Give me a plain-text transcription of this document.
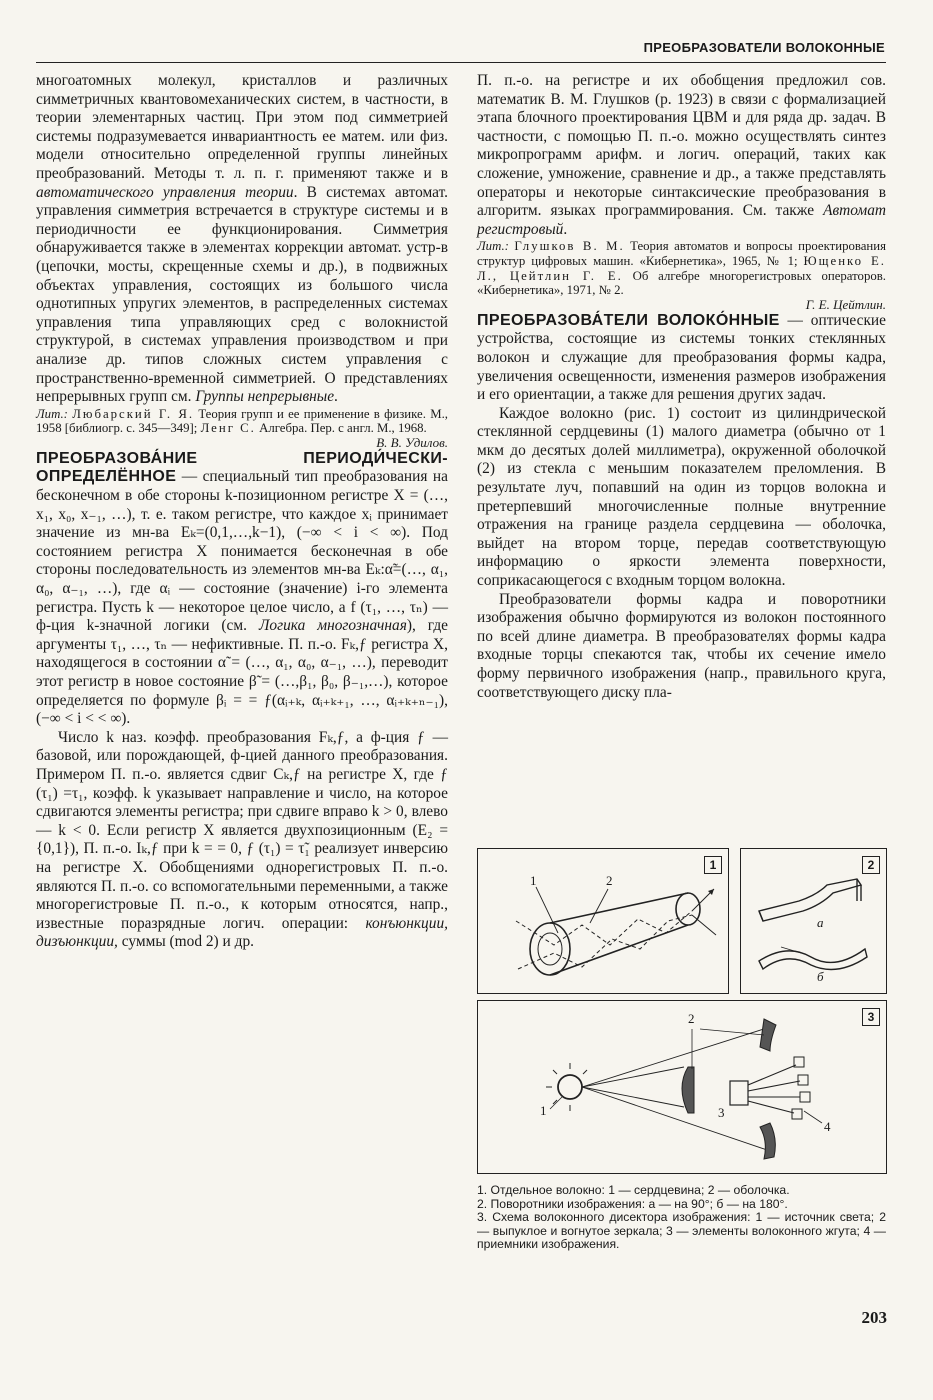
ПРЕОБРАЗОВАТЕЛИ ВОЛОКОННЫЕ

многоатомных молекул, кристаллов и различных симметричных квантовомеханических систем, в частности, в теории элементарных частиц. При этом под симметрией системы подразумевается инвариантность ее матем. или физ. модели относительно определенной группы линейных преобразований. Методы т. л. п. г. применяют также и в автоматического управления теории. В системах автомат. управления симметрия встречается в структуре системы и в периодичности ее функционирования. Симметрия обнаруживается также в элементах коррекции автомат. устр-в (цепочки, мосты, скрещенные схемы и др.), в подвижных объектах управления, состоящих из большого числа однотипных упругих элементов, в распределенных системах управления типа управляющих сред с волокнистой структурой, в системах управления производством и при анализе др. типов сложных систем управления с пространственно-временной симметрией. О представлениях непрерывных групп см. Группы непрерывные.

Лит.: Любарский Г. Я. Теория групп и ее применение в физике. М., 1958 [библиогр. с. 345—349]; Ленг С. Алгебра. Пер. с англ. М., 1968.

В. В. Удилов.

ПРЕОБРАЗОВА́НИЕ ПЕРИОДИ́ЧЕСКИ-ОПРЕДЕЛЁННОЕ — специальный тип преобразования на бесконечном в обе стороны k-позиционном регистре X = (…, x₁, x₀, x₋₁, …), т. е. таком регистре, что каждое xᵢ принимает значение из мн-ва Eₖ=(0,1,…,k−1), (−∞ < i < ∞). Под состоянием регистра X понимается бесконечная в обе стороны последовательность из элементов мн-ва Eₖ:α̃=(…, α₁, α₀, α₋₁, …), где αᵢ — состояние (значение) i-го элемента регистра. Пусть k — некоторое целое число, a f (τ₁, …, τₙ) — ф-ция k-значной логики (см. Логика многозначная), где аргументы τ₁, …, τₙ — нефиктивные. П. п.-о. Fₖ,ƒ регистра X, находящегося в состоянии α̃ = (…, α₁, α₀, α₋₁, …), переводит этот регистр в новое состояние β̃ = (…,β₁, β₀, β₋₁,…), которое определяется по формуле βᵢ = = ƒ(αᵢ₊ₖ, αᵢ₊ₖ₊₁, …, αᵢ₊ₖ₊ₙ₋₁), (−∞ < i < < ∞).

Число k наз. коэфф. преобразования Fₖ,ƒ, а ф-ция ƒ — базовой, или порождающей, ф-цией данного преобразования. Примером П. п.-о. является сдвиг Cₖ,ƒ на регистре X, где ƒ (τ₁) =τ₁, коэфф. k указывает направление и число, на которое сдвигаются элементы регистра; при сдвиге вправо k > 0, влево — k < 0. Если регистр X является двухпозиционным (E₂ = {0,1}), П. п.-о. Iₖ,ƒ при k = = 0, ƒ (τ₁) = τ̃₁ реализует инверсию на регистре X. Обобщениями однорегистровых П. п.-о. являются П. п.-о. со вспомогательными переменными, а также многорегистровые П. п.-о., к которым относятся, напр., известные поразрядные логич. операции: конъюнкции, дизъюнкции, суммы (mod 2) и др.

П. п.-о. на регистре и их обобщения предложил сов. математик В. М. Глушков (р. 1923) в связи с формализацией этапа блочного проектирования ЦВМ и для ряда др. задач. В частности, с помощью П. п.-о. можно осуществлять синтез микропрограмм арифм. и логич. операций, таких как сложение, умножение, сравнение и др., а также представлять операторы и некоторые синтаксические преобразования в алгоритм. языках программирования. См. также Автомат регистровый.

Лит.: Глушков В. М. Теория автоматов и вопросы проектирования структур цифровых машин. «Кибернетика», 1965, № 1; Ющенко Е. Л., Цейтлин Г. Е. Об алгебре многорегистровых операторов. «Кибернетика», 1971, № 2.

Г. Е. Цейтлин.

ПРЕОБРАЗОВА́ТЕЛИ ВОЛОКО́ННЫЕ — оптические устройства, состоящие из системы тонких стеклянных волокон и служащие для преобразования формы кадра, увеличения освещенности, изменения размеров изображения и его ориентации, а также для решения других задач.

Каждое волокно (рис. 1) состоит из цилиндрической стеклянной сердцевины (1) малого диаметра (обычно от 1 мкм до десятых долей миллиметра), окруженной оболочкой (2) из стекла с меньшим показателем преломления. В результате луч, попавший на один из торцов волокна и претерпевший многочисленные полные внутренние отражения на границе раздела сердцевина — оболочка, выйдет на втором торце, передав соответствующую информацию о яркости элемента поверхности, соприкасающегося с входным торцом волокна.

Преобразователи формы кадра и поворотники изображения обычно формируются из волокон постоянного по всей длине диаметра. В преобразователях формы кадра входные торцы спекаются так, чтобы их сечение имело форму первичного изображения (напр., правильного круга, соответствующего диску пла-

1	2
1
а
б
2
1
2
3
4
3

1. Отдельное волокно: 1 — сердцевина; 2 — оболочка.

2. Поворотники изображения: а — на 90°; б — на 180°.

3. Схема волоконного дисектора изображения: 1 — источник света; 2 — выпуклое и вогнутое зеркала; 3 — элементы волоконного жгута; 4 — приемники изображения.

203
